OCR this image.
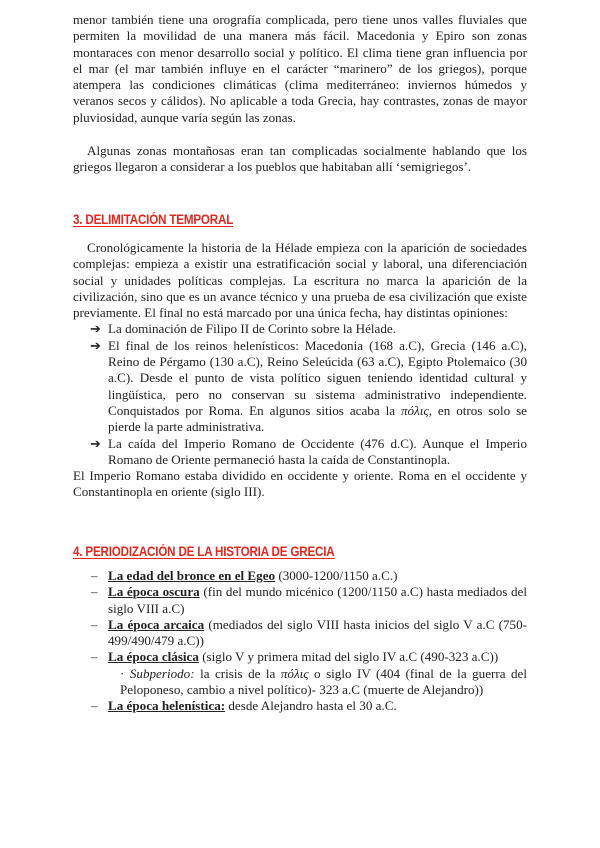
menor también tiene una orografía complicada, pero tiene unos valles fluviales que permiten la movilidad de una manera más fácil. Macedonia y Epiro son zonas montaraces con menor desarrollo social y político. El clima tiene gran influencia por el mar (el mar también influye en el carácter “marinero” de los griegos), porque atempera las condiciones climáticas (clima mediterráneo: inviernos húmedos y veranos secos y cálidos). No aplicable a toda Grecia, hay contrastes, zonas de mayor pluviosidad, aunque varía según las zonas.

Algunas zonas montañosas eran tan complicadas socialmente hablando que los griegos llegaron a considerar a los pueblos que habitaban allí ‘semigriegos’.

3. DELIMITACIÓN TEMPORAL

Cronológicamente la historia de la Hélade empieza con la aparición de sociedades complejas: empieza a existir una estratificación social y laboral, una diferenciación social y unidades políticas complejas. La escritura no marca la aparición de la civilización, sino que es un avance técnico y una prueba de esa civilización que existe previamente. El final no está marcado por una única fecha, hay distintas opiniones:

➔ La dominación de Filipo II de Corinto sobre la Hélade.
➔ El final de los reinos helenísticos: Macedonia (168 a.C), Grecia (146 a.C), Reino de Pérgamo (130 a.C), Reino Seleúcida (63 a.C), Egipto Ptolemaico (30 a.C). Desde el punto de vista político siguen teniendo identidad cultural y lingüística, pero no conservan su sistema administrativo independiente. Conquistados por Roma. En algunos sitios acaba la πόλις, en otros solo se pierde la parte administrativa.
➔ La caída del Imperio Romano de Occidente (476 d.C). Aunque el Imperio Romano de Oriente permaneció hasta la caída de Constantinopla.

El Imperio Romano estaba dividido en occidente y oriente. Roma en el occidente y Constantinopla en oriente (siglo III).

4. PERIODIZACIÓN DE LA HISTORIA DE GRECIA
– La edad del bronce en el Egeo (3000-1200/1150 a.C.)
– La época oscura (fin del mundo micénico (1200/1150 a.C) hasta mediados del siglo VIII a.C)
– La época arcaica (mediados del siglo VIII hasta inicios del siglo V a.C (750-499/490/479 a.C))
– La época clásica (siglo V y primera mitad del siglo IV a.C (490-323 a.C))

· Subperiodo: la crisis de la πόλις o siglo IV (404 (final de la guerra del Peloponeso, cambio a nivel político)- 323 a.C (muerte de Alejandro))

– La época helenística: desde Alejandro hasta el 30 a.C.
